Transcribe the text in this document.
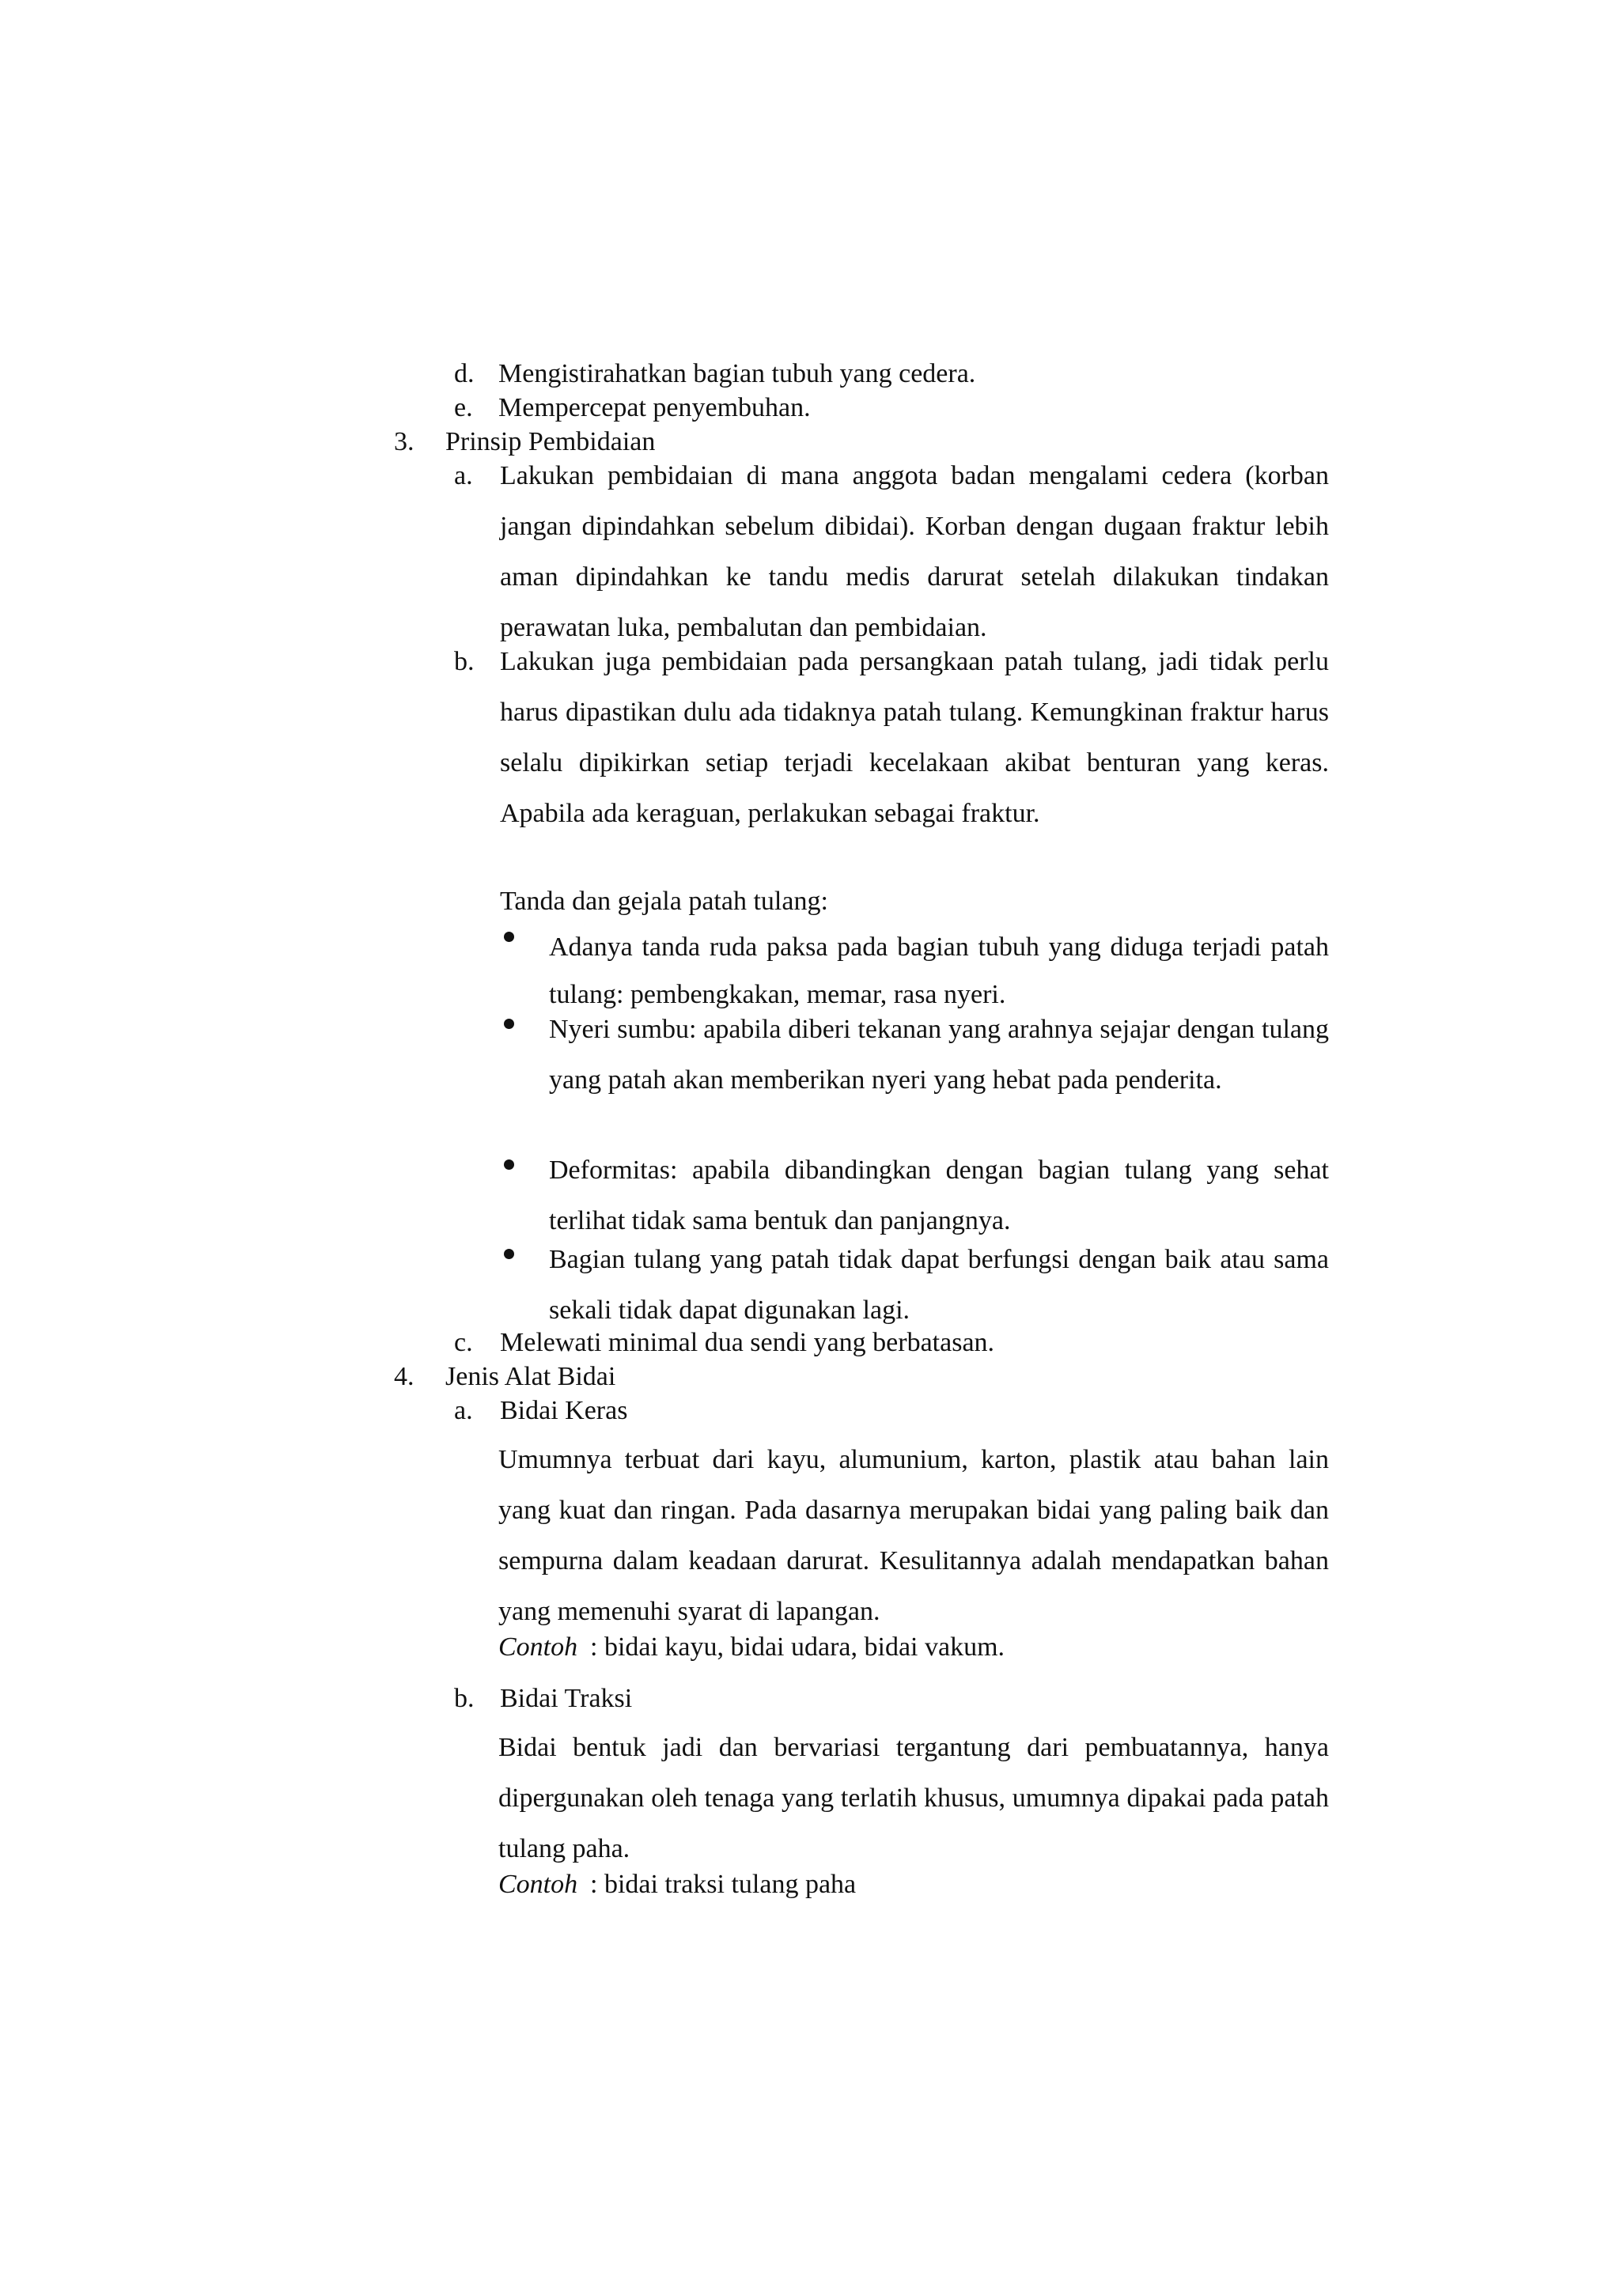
d. Mengistirahatkan bagian tubuh yang cedera.
e. Mempercepat penyembuhan.
3. Prinsip Pembidaian
a. Lakukan pembidaian di mana anggota badan mengalami cedera (korban jangan dipindahkan sebelum dibidai). Korban dengan dugaan fraktur lebih aman dipindahkan ke tandu medis darurat setelah dilakukan tindakan perawatan luka, pembalutan dan pembidaian.
b. Lakukan juga pembidaian pada persangkaan patah tulang, jadi tidak perlu harus dipastikan dulu ada tidaknya patah tulang. Kemungkinan fraktur harus selalu dipikirkan setiap terjadi kecelakaan akibat benturan yang keras. Apabila ada keraguan, perlakukan sebagai fraktur.
Tanda dan gejala patah tulang:
Adanya tanda ruda paksa pada bagian tubuh yang diduga terjadi patah tulang: pembengkakan, memar, rasa nyeri.
Nyeri sumbu: apabila diberi tekanan yang arahnya sejajar dengan tulang yang patah akan memberikan nyeri yang hebat pada penderita.
Deformitas: apabila dibandingkan dengan bagian tulang yang sehat terlihat tidak sama bentuk dan panjangnya.
Bagian tulang yang patah tidak dapat berfungsi dengan baik atau sama sekali tidak dapat digunakan lagi.
c. Melewati minimal dua sendi yang berbatasan.
4. Jenis Alat Bidai
a. Bidai Keras
Umumnya terbuat dari kayu, alumunium, karton, plastik atau bahan lain yang kuat dan ringan. Pada dasarnya merupakan bidai yang paling baik dan sempurna dalam keadaan darurat. Kesulitannya adalah mendapatkan bahan yang memenuhi syarat di lapangan.
Contoh : bidai kayu, bidai udara, bidai vakum.
b. Bidai Traksi
Bidai bentuk jadi dan bervariasi tergantung dari pembuatannya, hanya dipergunakan oleh tenaga yang terlatih khusus, umumnya dipakai pada patah tulang paha.
Contoh : bidai traksi tulang paha
